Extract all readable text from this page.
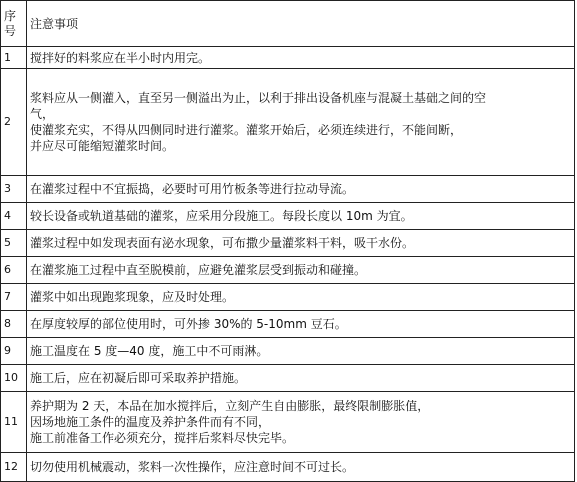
序
号	注意事项
1	搅拌好的料浆应在半小时内用完。

2	浆料应从一侧灌入，直至另一侧溢出为止，以利于排出设备机座与混凝土基础之间的空
气，
使灌浆充实，不得从四侧同时进行灌浆。灌浆开始后，必须连续进行，不能间断，
并应尽可能缩短灌浆时间。

3	在灌浆过程中不宜振捣，必要时可用竹板条等进行拉动导流。

4	较长设备或轨道基础的灌浆，应采用分段施工。每段长度以 10m 为宜。

5	灌浆过程中如发现表面有泌水现象，可布撒少量灌浆料干料，吸干水份。

6	在灌浆施工过程中直至脱模前，应避免灌浆层受到振动和碰撞。

7	灌浆中如出现跑浆现象，应及时处理。

8	在厚度较厚的部位使用时，可外掺 30%的 5-10mm 豆石。

9	施工温度在 5 度—40 度，施工中不可雨淋。

10	施工后，应在初凝后即可采取养护措施。

11	养护期为 2 天，本品在加水搅拌后，立刻产生自由膨胀，最终限制膨胀值，
因场地施工条件的温度及养护条件而有不同，
施工前准备工作必须充分，搅拌后浆料尽快完毕。

12	切勿使用机械震动，浆料一次性操作，应注意时间不可过长。
